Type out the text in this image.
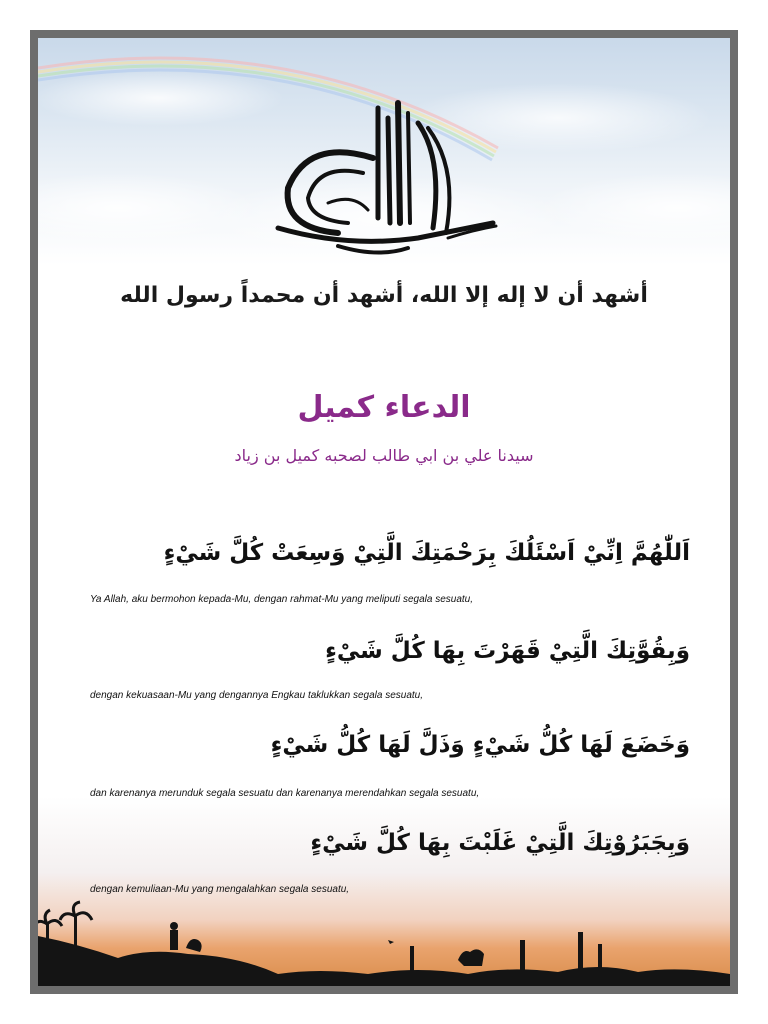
أشهد أن لا إله إلا الله، أشهد أن محمداً رسول الله
الدعاء كميل
سيدنا علي بن ابي طالب لصحبه كميل بن زياد
اَللّٰهُمَّ اِنِّيْ اَسْئَلُكَ بِرَحْمَتِكَ الَّتِيْ وَسِعَتْ كُلَّ شَيْءٍ
Ya Allah, aku bermohon kepada-Mu, dengan rahmat-Mu yang meliputi segala sesuatu,
وَبِقُوَّتِكَ الَّتِيْ قَهَرْتَ بِهَا كُلَّ شَيْءٍ
dengan kekuasaan-Mu yang dengannya Engkau taklukkan segala sesuatu,
وَخَضَعَ لَهَا كُلُّ شَيْءٍ وَذَلَّ لَهَا كُلُّ شَيْءٍ
dan karenanya merunduk segala sesuatu dan karenanya merendahkan segala sesuatu,
وَبِجَبَرُوْتِكَ الَّتِيْ غَلَبْتَ بِهَا كُلَّ شَيْءٍ
dengan kemuliaan-Mu yang mengalahkan segala sesuatu,
